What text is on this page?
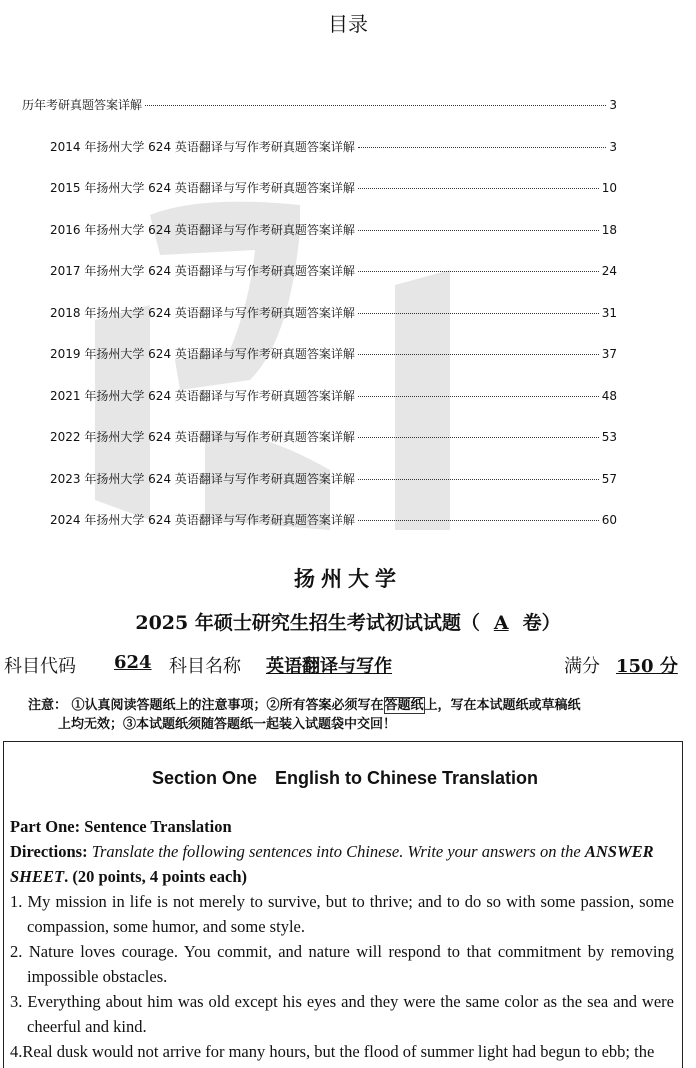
目录
历年考研真题答案详解	3
2014 年扬州大学 624 英语翻译与写作考研真题答案详解	3
2015 年扬州大学 624 英语翻译与写作考研真题答案详解	10
2016 年扬州大学 624 英语翻译与写作考研真题答案详解	18
2017 年扬州大学 624 英语翻译与写作考研真题答案详解	24
2018 年扬州大学 624 英语翻译与写作考研真题答案详解	31
2019 年扬州大学 624 英语翻译与写作考研真题答案详解	37
2021 年扬州大学 624 英语翻译与写作考研真题答案详解	48
2022 年扬州大学 624 英语翻译与写作考研真题答案详解	53
2023 年扬州大学 624 英语翻译与写作考研真题答案详解	57
2024 年扬州大学 624 英语翻译与写作考研真题答案详解	60
扬州大学
2025 年硕士研究生招生考试初试试题（ A 卷）
科目代码 624 科目名称 英语翻译与写作	满分 150 分
注意： ①认真阅读答题纸上的注意事项；②所有答案必须写在答题纸上，写在本试题纸或草稿纸
上均无效；③本试题纸须随答题纸一起装入试题袋中交回！
Section One　English to Chinese Translation

Part One: Sentence Translation

Directions: Translate the following sentences into Chinese. Write your answers on the ANSWER SHEET. (20 points, 4 points each)

1. My mission in life is not merely to survive, but to thrive; and to do so with some passion, some compassion, some humor, and some style.

2. Nature loves courage. You commit, and nature will respond to that commitment by removing impossible obstacles.

3. Everything about him was old except his eyes and they were the same color as the sea and were cheerful and kind.

4.Real dusk would not arrive for many hours, but the flood of summer light had begun to ebb; the
